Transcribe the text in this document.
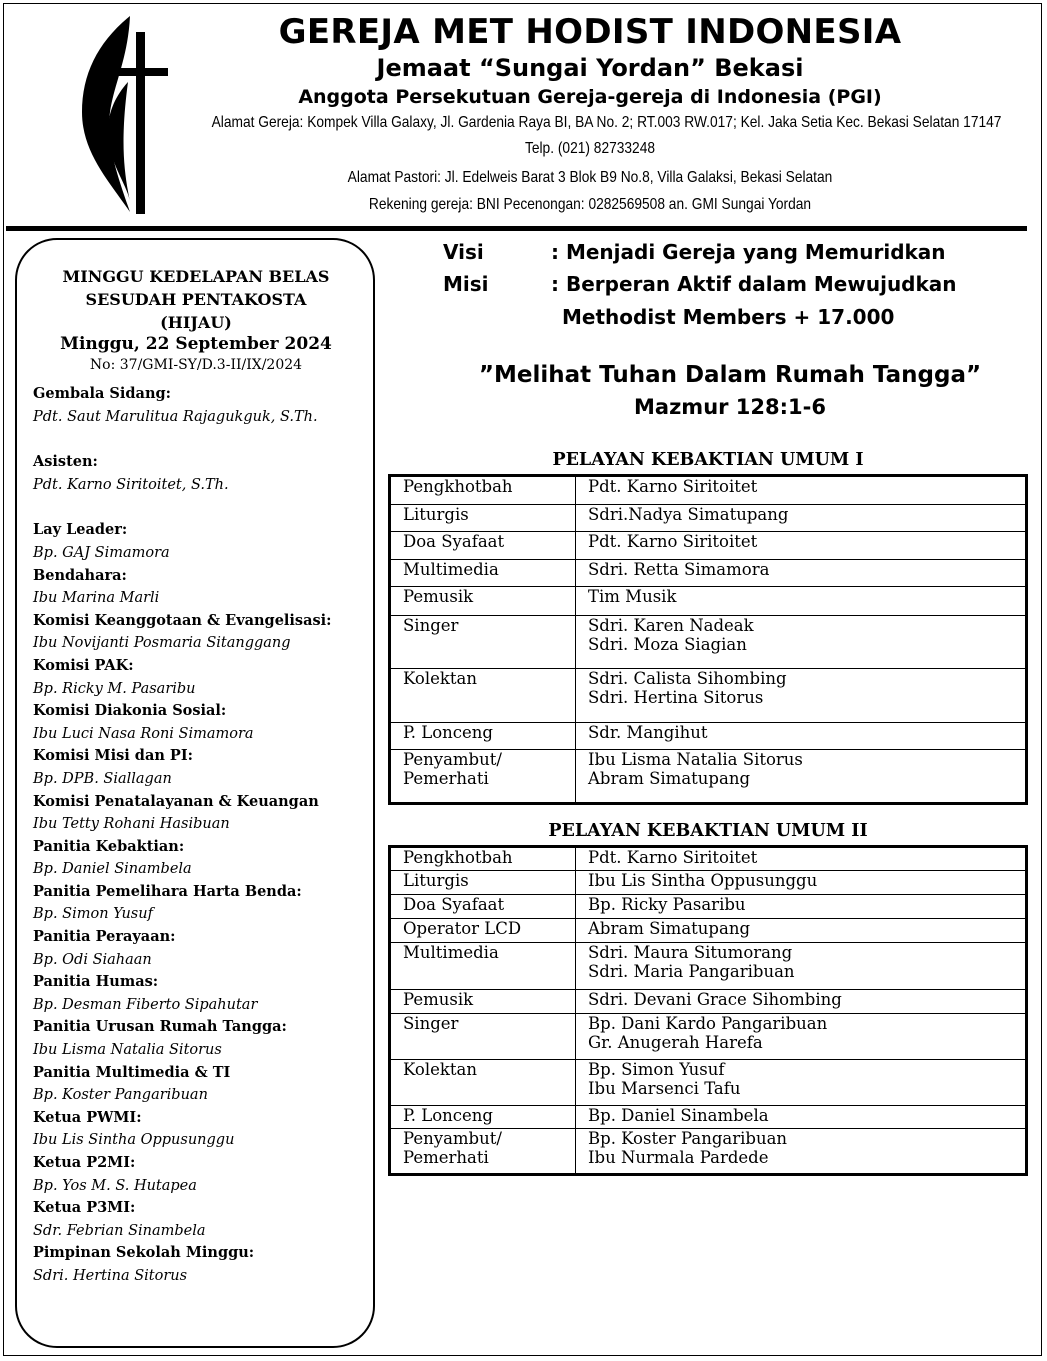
GEREJA MET HODIST INDONESIA
Jemaat “Sungai Yordan” Bekasi
Anggota Persekutuan Gereja-gereja di Indonesia (PGI)
Alamat Gereja: Kompek Villa Galaxy, Jl. Gardenia Raya BI, BA No. 2; RT.003 RW.017; Kel. Jaka Setia Kec. Bekasi Selatan 17147
Telp. (021) 82733248
Alamat Pastori: Jl. Edelweis Barat 3 Blok B9 No.8, Villa Galaksi, Bekasi Selatan
Rekening gereja: BNI Pecenongan: 0282569508 an. GMI Sungai Yordan
MINGGU KEDELAPAN BELAS
SESUDAH PENTAKOSTA
(HIJAU)
Minggu, 22 September 2024
No: 37/GMI-SY/D.3-II/IX/2024
Gembala Sidang:
Pdt. Saut Marulitua Rajagukguk, S.Th.
Asisten:
Pdt. Karno Siritoitet, S.Th.
Lay Leader:
Bp. GAJ Simamora
Bendahara:
Ibu Marina Marli
Komisi Keanggotaan & Evangelisasi:
Ibu Novijanti Posmaria Sitanggang
Komisi PAK:
Bp. Ricky M. Pasaribu
Komisi Diakonia Sosial:
Ibu Luci Nasa Roni Simamora
Komisi Misi dan PI:
Bp. DPB. Siallagan
Komisi Penatalayanan & Keuangan
Ibu Tetty Rohani Hasibuan
Panitia Kebaktian:
Bp. Daniel Sinambela
Panitia Pemelihara Harta Benda:
Bp. Simon Yusuf
Panitia Perayaan:
Bp. Odi Siahaan
Panitia Humas:
Bp. Desman Fiberto Sipahutar
Panitia Urusan Rumah Tangga:
Ibu Lisma Natalia Sitorus
Panitia Multimedia & TI
Bp. Koster Pangaribuan
Ketua PWMI:
Ibu Lis Sintha Oppusunggu
Ketua P2MI:
Bp. Yos M. S. Hutapea
Ketua P3MI:
Sdr. Febrian Sinambela
Pimpinan Sekolah Minggu:
Sdri. Hertina Sitorus
Visi	: Menjadi Gereja yang Memuridkan
Misi	: Berperan Aktif dalam Mewujudkan
Methodist Members + 17.000
”Melihat Tuhan Dalam Rumah Tangga”
Mazmur 128:1-6
PELAYAN KEBAKTIAN UMUM I
Pengkhotbah	Pdt. Karno Siritoitet

Liturgis	Sdri.Nadya Simatupang

Doa Syafaat	Pdt. Karno Siritoitet

Multimedia	Sdri. Retta Simamora

Pemusik	Tim Musik

Singer	Sdri. Karen Nadeak
Sdri. Moza Siagian

Kolektan	Sdri. Calista Sihombing
Sdri. Hertina Sitorus

P. Lonceng	Sdr. Mangihut

Penyambut/
Pemerhati	Ibu Lisma Natalia Sitorus
Abram Simatupang
PELAYAN KEBAKTIAN UMUM II
Pengkhotbah	Pdt. Karno Siritoitet

Liturgis	Ibu Lis Sintha Oppusunggu

Doa Syafaat	Bp. Ricky Pasaribu

Operator LCD	Abram Simatupang

Multimedia	Sdri. Maura Situmorang
Sdri. Maria Pangaribuan

Pemusik	Sdri. Devani Grace Sihombing

Singer	Bp. Dani Kardo Pangaribuan
Gr. Anugerah Harefa

Kolektan	Bp. Simon Yusuf
Ibu Marsenci Tafu

P. Lonceng	Bp. Daniel Sinambela

Penyambut/
Pemerhati	Bp. Koster Pangaribuan
Ibu Nurmala Pardede
